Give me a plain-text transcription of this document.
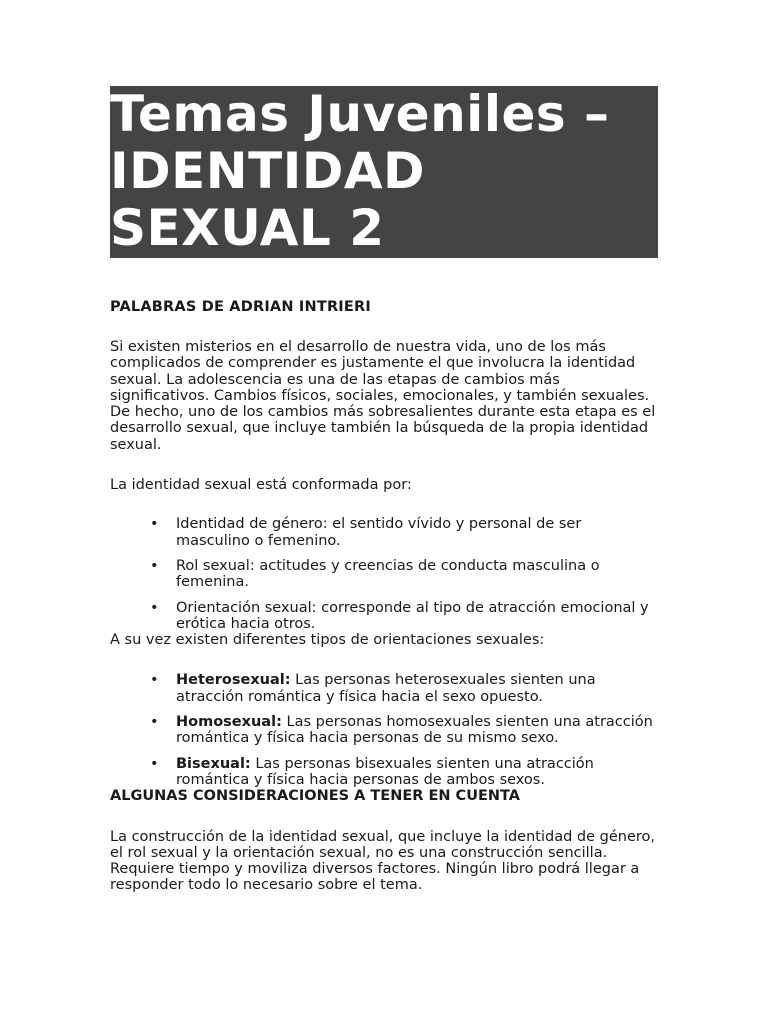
Temas Juveniles –
IDENTIDAD
SEXUAL 2
PALABRAS DE ADRIAN INTRIERI

Si existen misterios en el desarrollo de nuestra vida, uno de los más complicados de comprender es justamente el que involucra la identidad sexual. La adolescencia es una de las etapas de cambios más significativos. Cambios físicos, sociales, emocionales, y también sexuales. De hecho, uno de los cambios más sobresalientes durante esta etapa es el desarrollo sexual, que incluye también la búsqueda de la propia identidad sexual.

La identidad sexual está conformada por:

• Identidad de género: el sentido vívido y personal de ser masculino o femenino.
• Rol sexual: actitudes y creencias de conducta masculina o femenina.
• Orientación sexual: corresponde al tipo de atracción emocional y erótica hacia otros.

A su vez existen diferentes tipos de orientaciones sexuales:

• Heterosexual: Las personas heterosexuales sienten una atracción romántica y física hacia el sexo opuesto.
• Homosexual: Las personas homosexuales sienten una atracción romántica y física hacia personas de su mismo sexo.
• Bisexual: Las personas bisexuales sienten una atracción romántica y física hacia personas de ambos sexos.
ALGUNAS CONSIDERACIONES A TENER EN CUENTA

La construcción de la identidad sexual, que incluye la identidad de género, el rol sexual y la orientación sexual, no es una construcción sencilla. Requiere tiempo y moviliza diversos factores. Ningún libro podrá llegar a responder todo lo necesario sobre el tema.
